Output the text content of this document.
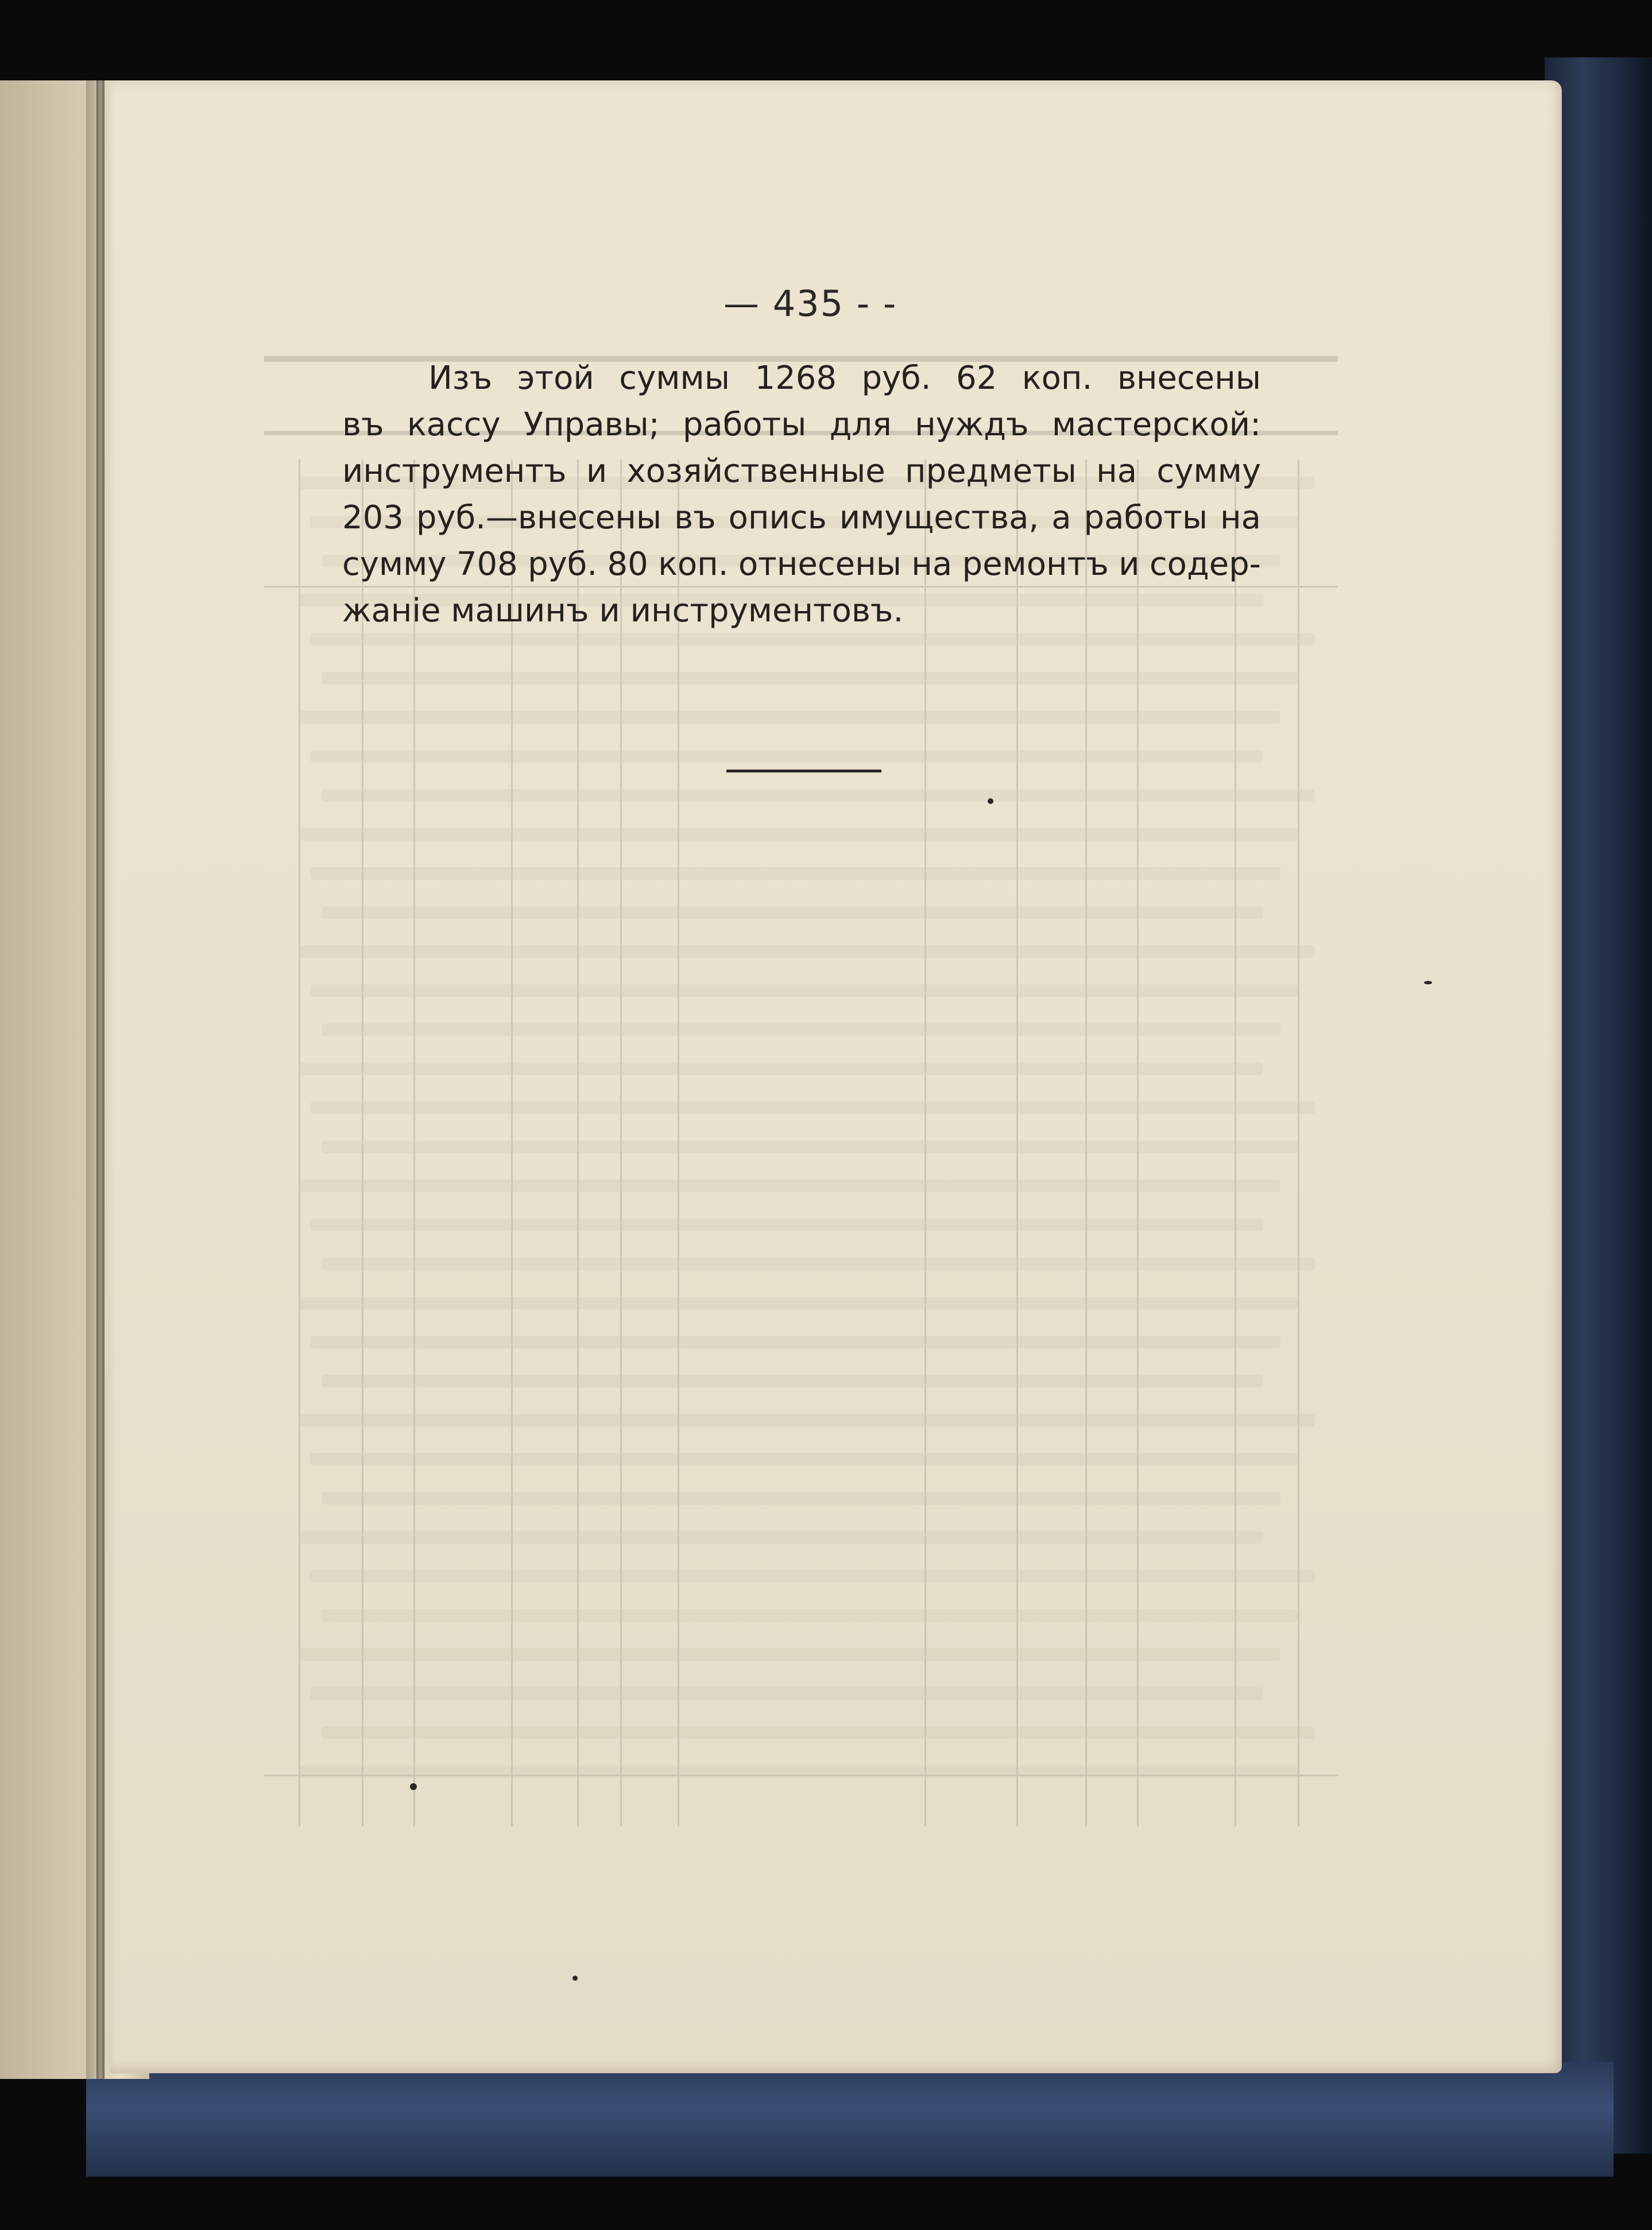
— 435 - -
Изъ этой суммы 1268 руб. 62 коп. внесены
въ кассу Управы; работы для нуждъ мастерской:
инструментъ и хозяйственные предметы на сумму
203 руб.—внесены въ опись имущества, а работы на
сумму 708 руб. 80 коп. отнесены на ремонтъ и содер-
жанiе
машинъ
и
инструментовъ.
